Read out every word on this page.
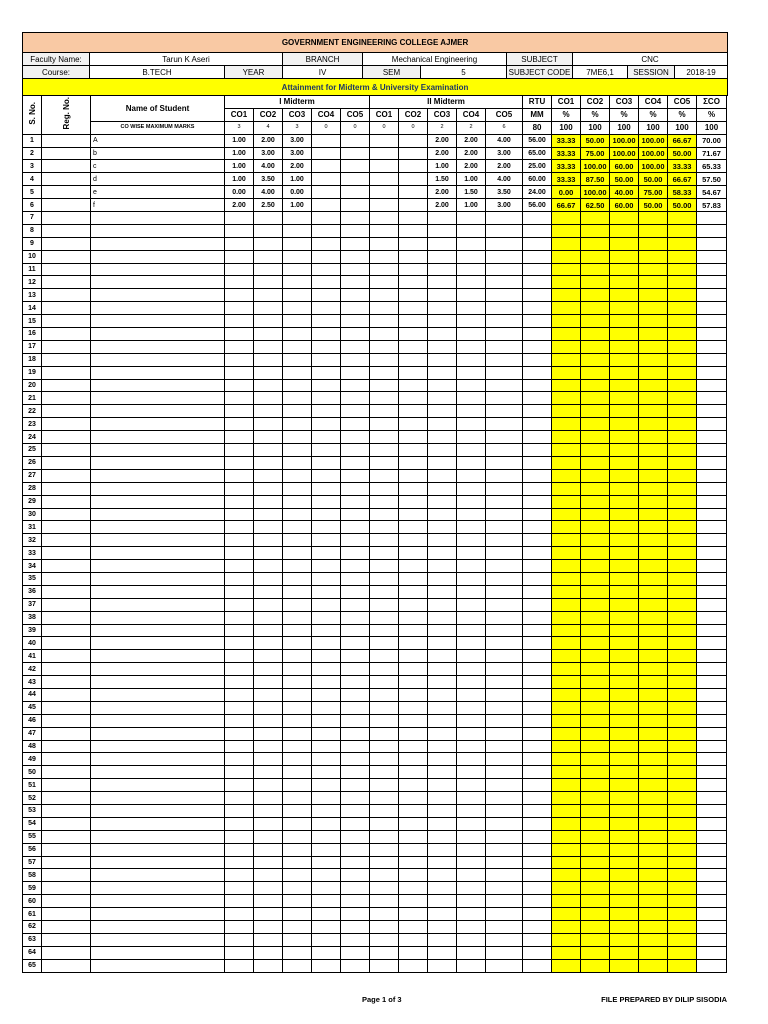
GOVERNMENT ENGINEERING COLLEGE AJMER									
Faculty Name:	Tarun K Aseri		BRANCH	Mechanical Engineering		SUBJECT	CNC		
Course:	B.TECH	YEAR	IV	SEM	5	SUBJECT CODE	7ME6,1	SESSION	2018-19
Attainment for Midterm & University Examination									
S. No.	Reg. No.	Name of Student	I Midterm					II Midterm					RTU	CO1	CO2	CO3	CO4	CO5	ΣCO
			CO1	CO2	CO3	CO4	CO5	CO1	CO2	CO3	CO4	CO5	MM	%	%	%	%	%	%
		CO WISE MAXIMUM MARKS	3	4	3	0	0	0	0	2	2	6	80	100	100	100	100	100	100
1		A	1.00	2.00	3.00					2.00	2.00	4.00	56.00	33.33	50.00	100.00	100.00	66.67	70.00
2		b	1.00	3.00	3.00					2.00	2.00	3.00	65.00	33.33	75.00	100.00	100.00	50.00	71.67
3		c	1.00	4.00	2.00					1.00	2.00	2.00	25.00	33.33	100.00	60.00	100.00	33.33	65.33
4		d	1.00	3.50	1.00					1.50	1.00	4.00	60.00	33.33	87.50	50.00	50.00	66.67	57.50
5		e	0.00	4.00	0.00					2.00	1.50	3.50	24.00	0.00	100.00	40.00	75.00	58.33	54.67
6		f	2.00	2.50	1.00					2.00	1.00	3.00	56.00	66.67	62.50	60.00	50.00	50.00	57.83
7																			
8																			
9																			
10																			
11																			
12																			
13																			
14																			
15																			
16																			
17																			
18																			
19																			
20																			
21																			
22																			
23																			
24																			
25																			
26																			
27																			
28																			
29																			
30																			
31																			
32																			
33																			
34																			
35																			
36																			
37																			
38																			
39																			
40																			
41																			
42																			
43																			
44																			
45																			
46																			
47																			
48																			
49																			
50																			
51																			
52																			
53																			
54																			
55																			
56																			
57																			
58																			
59																			
60																			
61																			
62																			
63																			
64																			
65																			
Page 1 of 3	FILE PREPARED BY DILIP SISODIA
